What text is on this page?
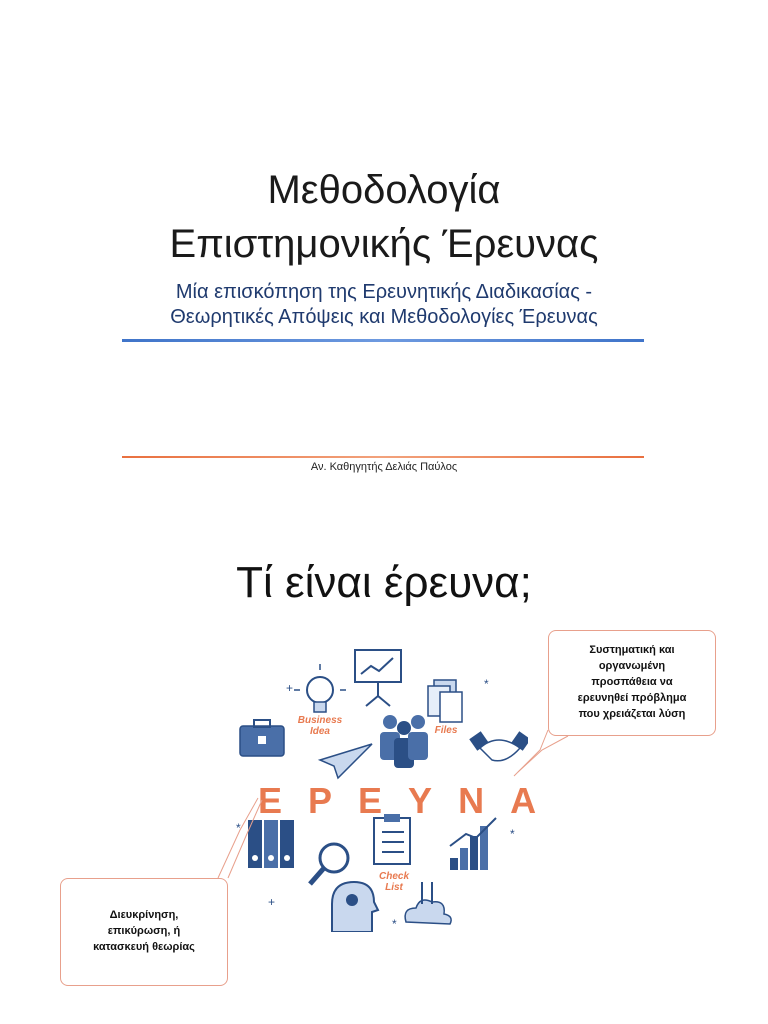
Μεθοδολογία
Επιστημονικής Έρευνας
Μία επισκόπηση της Ερευνητικής Διαδικασίας -
Θεωρητικές Απόψεις και Μεθοδολογίες Έρευνας
Αν. Καθηγητής Δελιάς Παύλος
Τί είναι έρευνα;
+	*
*	*
+
*
Business
Idea	Files
Check
List
ΕΡΕΥΝΑ
Συστηματική και
οργανωμένη
προσπάθεια να
ερευνηθεί πρόβλημα
που χρειάζεται λύση
Διευκρίνηση,
επικύρωση, ή
κατασκευή θεωρίας
